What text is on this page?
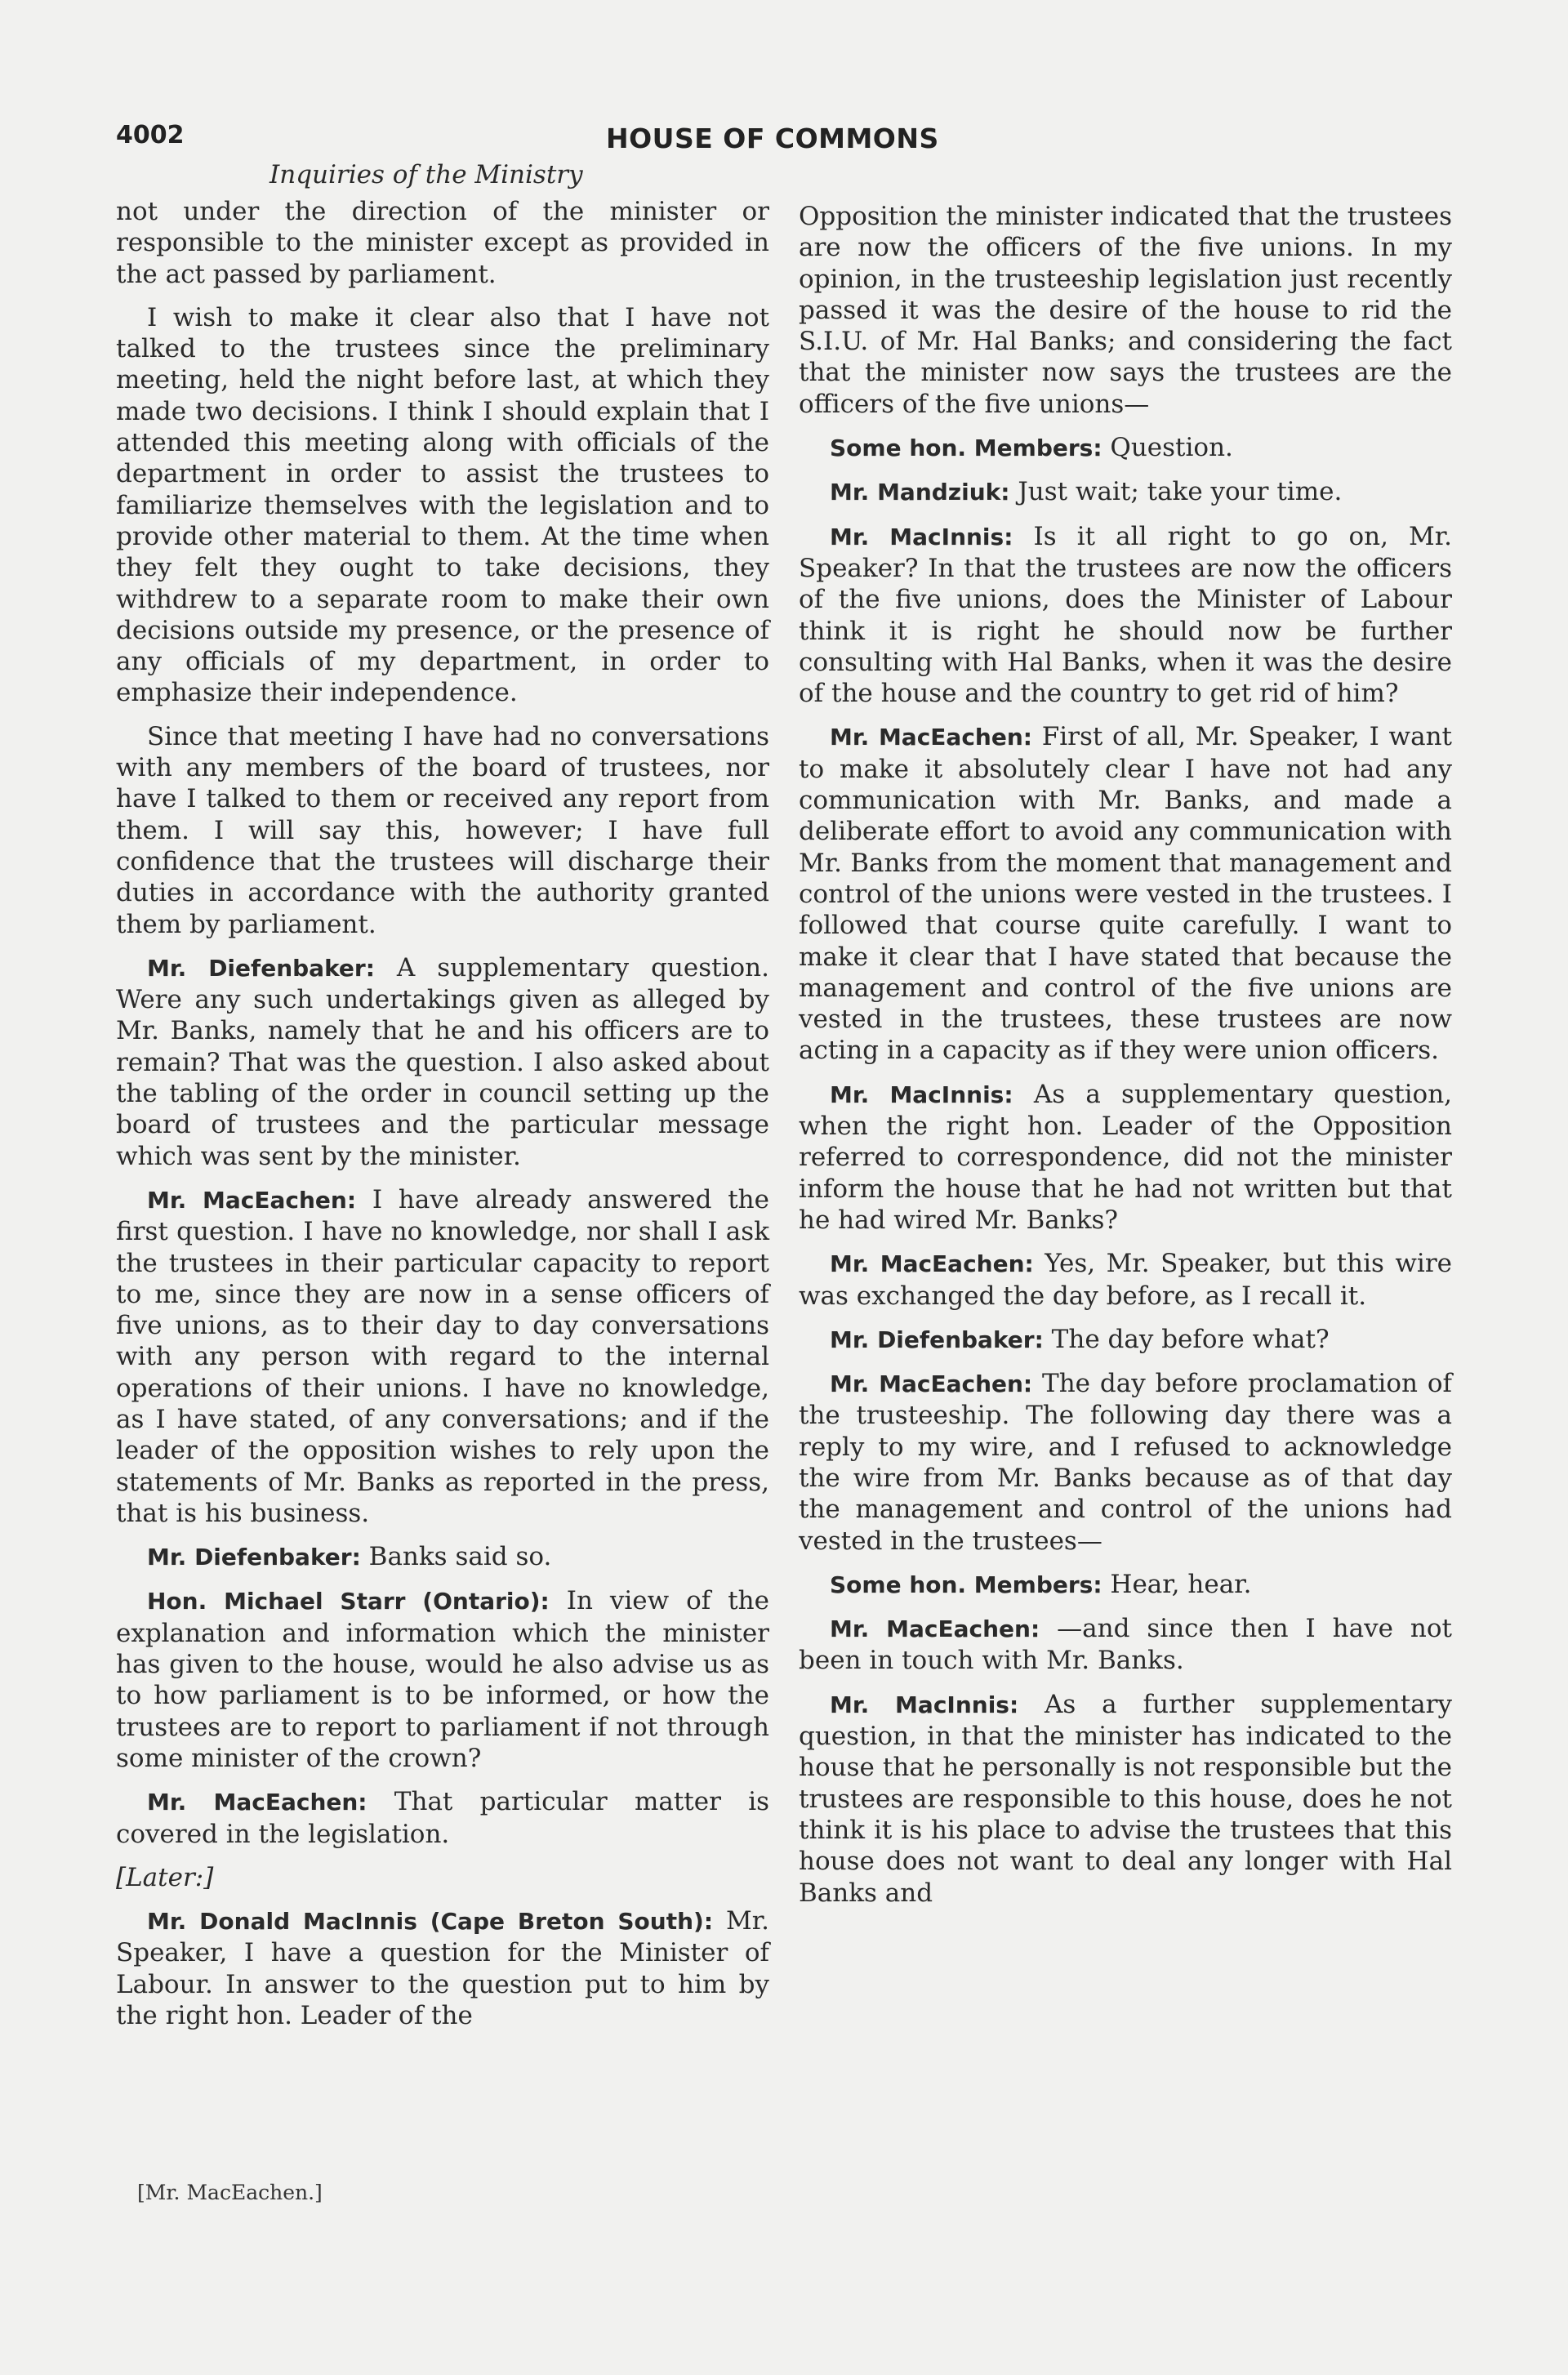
4002	HOUSE OF COMMONS
Inquiries of the Ministry

not under the direction of the minister or responsible to the minister except as provided in the act passed by parliament.

I wish to make it clear also that I have not talked to the trustees since the preliminary meeting, held the night before last, at which they made two decisions. I think I should explain that I attended this meeting along with officials of the department in order to assist the trustees to familiarize themselves with the legislation and to provide other material to them. At the time when they felt they ought to take decisions, they withdrew to a separate room to make their own decisions outside my presence, or the presence of any officials of my department, in order to emphasize their independence.

Since that meeting I have had no conversations with any members of the board of trustees, nor have I talked to them or received any report from them. I will say this, however; I have full confidence that the trustees will discharge their duties in accordance with the authority granted them by parliament.

Mr. Diefenbaker: A supplementary question. Were any such undertakings given as alleged by Mr. Banks, namely that he and his officers are to remain? That was the question. I also asked about the tabling of the order in council setting up the board of trustees and the particular message which was sent by the minister.

Mr. MacEachen: I have already answered the first question. I have no knowledge, nor shall I ask the trustees in their particular capacity to report to me, since they are now in a sense officers of five unions, as to their day to day conversations with any person with regard to the internal operations of their unions. I have no knowledge, as I have stated, of any conversations; and if the leader of the opposition wishes to rely upon the statements of Mr. Banks as reported in the press, that is his business.

Mr. Diefenbaker: Banks said so.

Hon. Michael Starr (Ontario): In view of the explanation and information which the minister has given to the house, would he also advise us as to how parliament is to be informed, or how the trustees are to report to parliament if not through some minister of the crown?

Mr. MacEachen: That particular matter is covered in the legislation.

[Later:]

Mr. Donald MacInnis (Cape Breton South): Mr. Speaker, I have a question for the Minister of Labour. In answer to the question put to him by the right hon. Leader of the

Opposition the minister indicated that the trustees are now the officers of the five unions. In my opinion, in the trusteeship legislation just recently passed it was the desire of the house to rid the S.I.U. of Mr. Hal Banks; and considering the fact that the minister now says the trustees are the officers of the five unions—

Some hon. Members: Question.

Mr. Mandziuk: Just wait; take your time.

Mr. MacInnis: Is it all right to go on, Mr. Speaker? In that the trustees are now the officers of the five unions, does the Minister of Labour think it is right he should now be further consulting with Hal Banks, when it was the desire of the house and the country to get rid of him?

Mr. MacEachen: First of all, Mr. Speaker, I want to make it absolutely clear I have not had any communication with Mr. Banks, and made a deliberate effort to avoid any communication with Mr. Banks from the moment that management and control of the unions were vested in the trustees. I followed that course quite carefully. I want to make it clear that I have stated that because the management and control of the five unions are vested in the trustees, these trustees are now acting in a capacity as if they were union officers.

Mr. MacInnis: As a supplementary question, when the right hon. Leader of the Opposition referred to correspondence, did not the minister inform the house that he had not written but that he had wired Mr. Banks?

Mr. MacEachen: Yes, Mr. Speaker, but this wire was exchanged the day before, as I recall it.

Mr. Diefenbaker: The day before what?

Mr. MacEachen: The day before proclamation of the trusteeship. The following day there was a reply to my wire, and I refused to acknowledge the wire from Mr. Banks because as of that day the management and control of the unions had vested in the trustees—

Some hon. Members: Hear, hear.

Mr. MacEachen: —and since then I have not been in touch with Mr. Banks.

Mr. MacInnis: As a further supplementary question, in that the minister has indicated to the house that he personally is not responsible but the trustees are responsible to this house, does he not think it is his place to advise the trustees that this house does not want to deal any longer with Hal Banks and

[Mr. MacEachen.]
